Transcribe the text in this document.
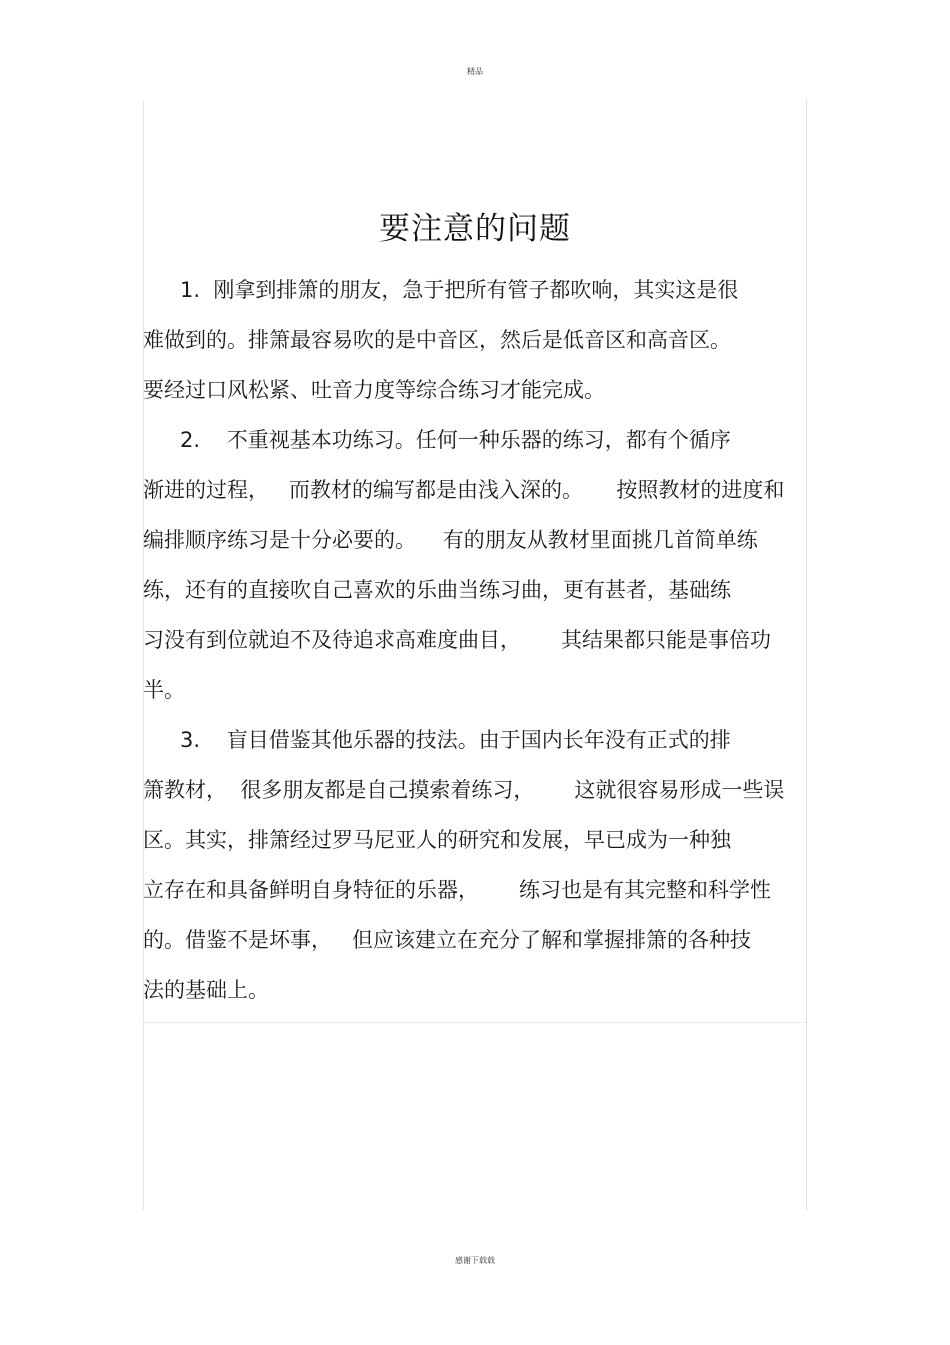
精品
要注意的问题
1.  刚拿到排箫的朋友，急于把所有管子都吹响，其实这是很
难做到的。排箫最容易吹的是中音区，然后是低音区和高音区。
要经过口风松紧、吐音力度等综合练习才能完成。
2.    不重视基本功练习。任何一种乐器的练习，都有个循序
渐进的过程，   而教材的编写都是由浅入深的。     按照教材的进度和
编排顺序练习是十分必要的。    有的朋友从教材里面挑几首简单练
练，还有的直接吹自己喜欢的乐曲当练习曲，更有甚者，基础练
习没有到位就迫不及待追求高难度曲目，      其结果都只能是事倍功
半。
3.    盲目借鉴其他乐器的技法。由于国内长年没有正式的排
箫教材，  很多朋友都是自己摸索着练习，      这就很容易形成一些误
区。其实，排箫经过罗马尼亚人的研究和发展，早已成为一种独
立存在和具备鲜明自身特征的乐器，      练习也是有其完整和科学性
的。借鉴不是坏事，   但应该建立在充分了解和掌握排箫的各种技
法的基础上。
感谢下载载
